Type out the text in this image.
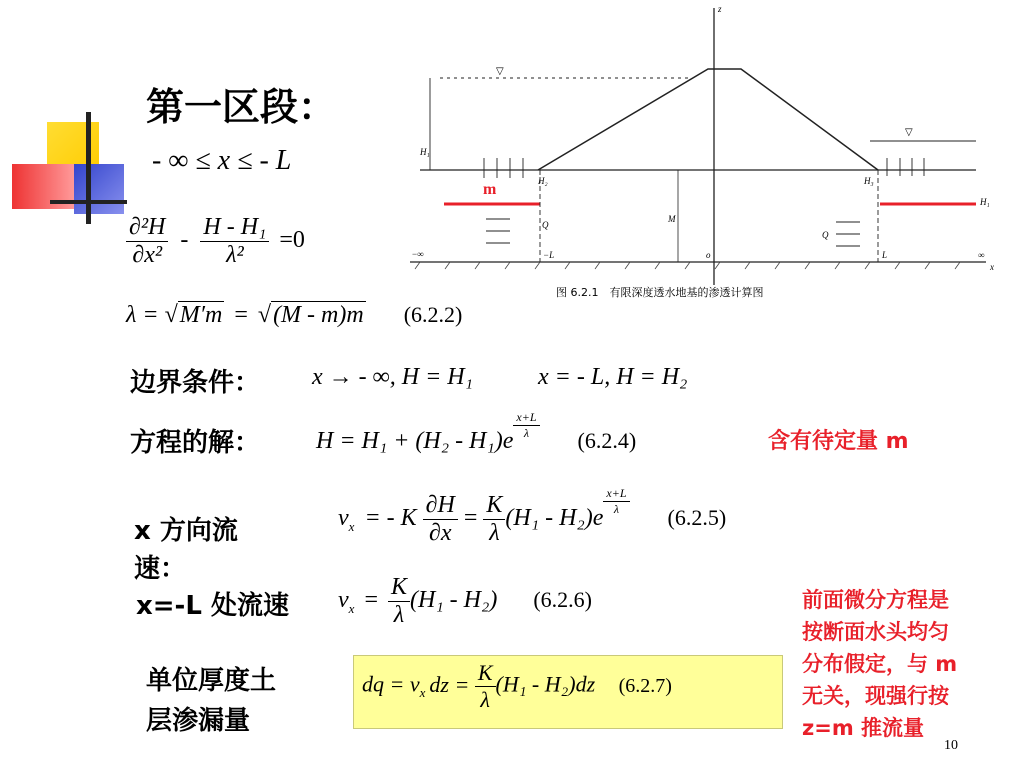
第一区段：
- ∞ ≤ x ≤ - L
$\frac{\text{∂²H}}{\text{∂x²}} - \frac{\text{H - H₁}}{\text{λ²}} =0$
λ = √M′m = √(M - m)m (6.2.2)
边界条件： x → - ∞, H = H₁	x = - L, H = H₂
方程的解： $H = H_1 + (H_2 - H_1)e \frac{x+L}{\lambda} (6.2.4)$	含有待定量 m
x 方向流
速：
$v_x$ = - K $\frac{\partial H}{\partial x} = \frac{K}{\lambda} (H_1 - H_2)e$
$\frac{x+L}{\lambda}$
(6.2.5)
x=-L 处流速 $v_x = \frac{K}{\lambda} (H_1 - H_2)$ (6.2.6)
单位厚度土
层渗漏量
dq = $v_x$ dz = $\frac{K}{\lambda} (H_1 - H_2)dz$ (6.2.7)
前面微分方程是
按断面水头均匀
分布假定，与 m
无关，现强行按
z=m 推流量
10
z
▽
▽
H₁
H₂	H₃
H₁
m
M
Q
Q
−L	o	L
−∞	∞
x
图 6.2.1　有限深度透水地基的渗透计算图
